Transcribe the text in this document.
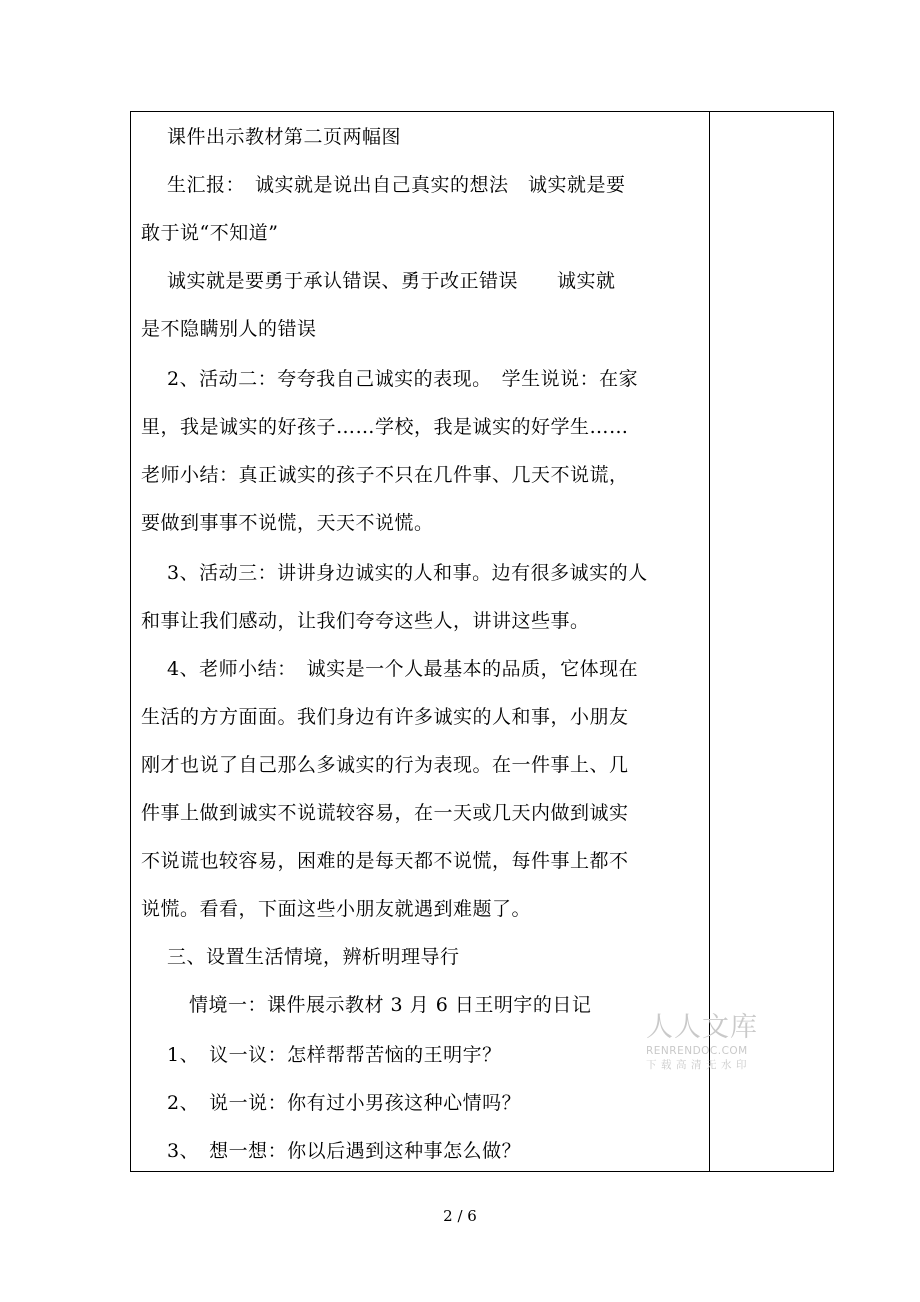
课件出示教材第二页两幅图
生汇报：　诚实就是说出自己真实的想法　诚实就是要
敢于说“不知道”
诚实就是要勇于承认错误、勇于改正错误　　诚实就
是不隐瞒别人的错误
2、活动二：夸夸我自己诚实的表现。　学生说说：在家
里，我是诚实的好孩子……学校，我是诚实的好学生……
老师小结：真正诚实的孩子不只在几件事、几天不说谎，
要做到事事不说慌，天天不说慌。
3、活动三：讲讲身边诚实的人和事。边有很多诚实的人
和事让我们感动，让我们夸夸这些人，讲讲这些事。
4、老师小结：　诚实是一个人最基本的品质，它体现在
生活的方方面面。我们身边有许多诚实的人和事，小朋友
刚才也说了自己那么多诚实的行为表现。在一件事上、几
件事上做到诚实不说谎较容易，在一天或几天内做到诚实
不说谎也较容易，困难的是每天都不说慌，每件事上都不
说慌。看看，下面这些小朋友就遇到难题了。
三、设置生活情境，辨析明理导行
情境一：课件展示教材 3 月 6 日王明宇的日记
1、　议一议：怎样帮帮苦恼的王明宇？
2、　说一说：你有过小男孩这种心情吗？
3、　想一想：你以后遇到这种事怎么做？
人人文库
RENRENDOC.COM
下载高清无水印
2 / 6
